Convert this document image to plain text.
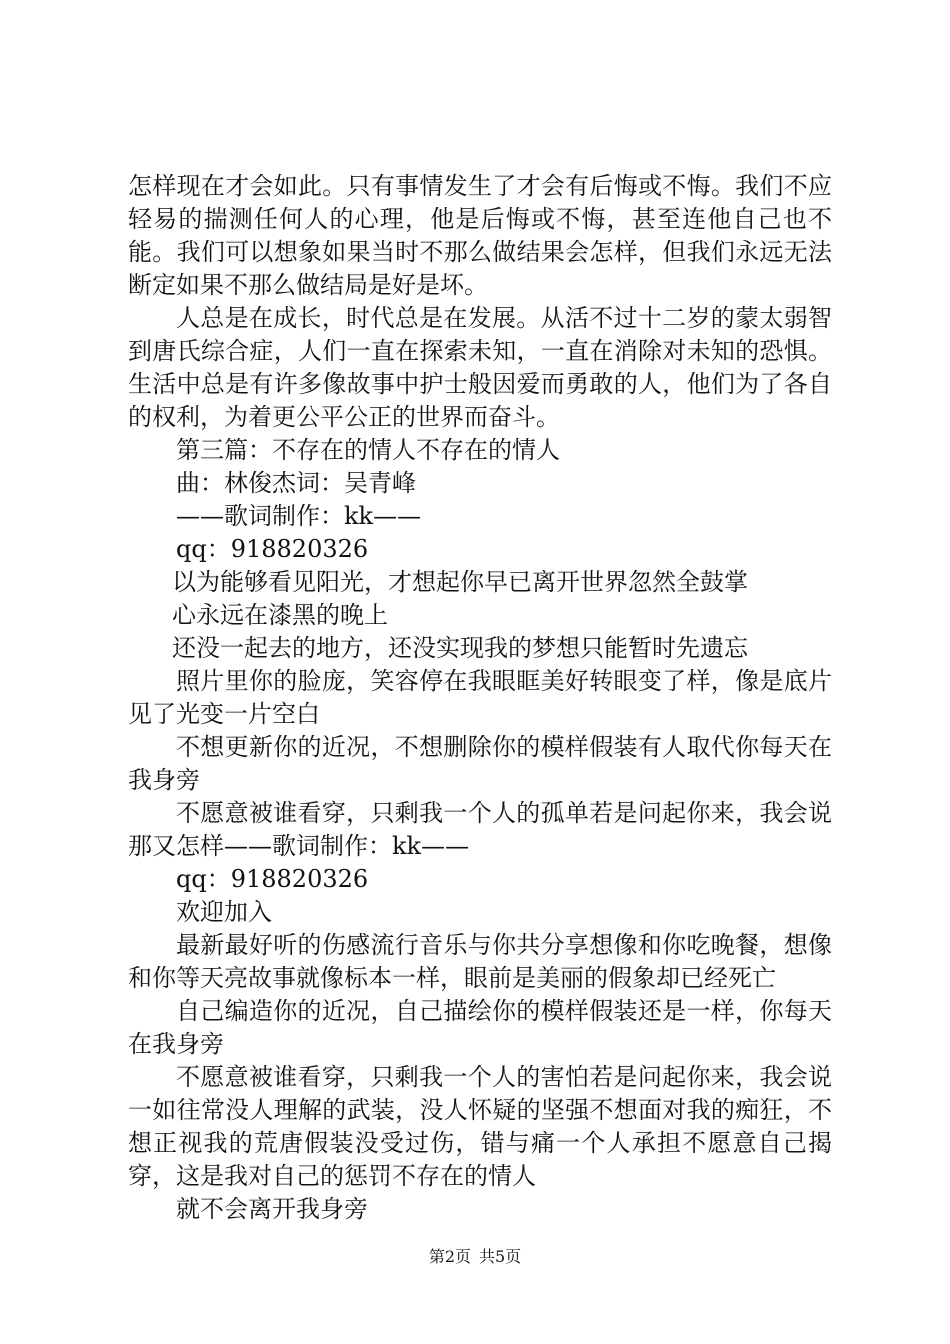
怎样现在才会如此。只有事情发生了才会有后悔或不悔。我们不应轻易的揣测任何人的心理，他是后悔或不悔，甚至连他自己也不能。我们可以想象如果当时不那么做结果会怎样，但我们永远无法断定如果不那么做结局是好是坏。

人总是在成长，时代总是在发展。从活不过十二岁的蒙太弱智到唐氏综合症，人们一直在探索未知，一直在消除对未知的恐惧。生活中总是有许多像故事中护士般因爱而勇敢的人，他们为了各自的权利，为着更公平公正的世界而奋斗。

第三篇：不存在的情人不存在的情人

曲：林俊杰词：吴青峰

——歌词制作：kk——

qq：918820326

以为能够看见阳光，才想起你早已离开世界忽然全鼓掌

心永远在漆黑的晚上

还没一起去的地方，还没实现我的梦想只能暂时先遗忘

照片里你的脸庞，笑容停在我眼眶美好转眼变了样，像是底片见了光变一片空白

不想更新你的近况，不想删除你的模样假装有人取代你每天在我身旁

不愿意被谁看穿，只剩我一个人的孤单若是问起你来，我会说那又怎样——歌词制作：kk——

qq：918820326

欢迎加入

最新最好听的伤感流行音乐与你共分享想像和你吃晚餐，想像和你等天亮故事就像标本一样，眼前是美丽的假象却已经死亡

自己编造你的近况，自己描绘你的模样假装还是一样，你每天在我身旁

不愿意被谁看穿，只剩我一个人的害怕若是问起你来，我会说一如往常没人理解的武装，没人怀疑的坚强不想面对我的痴狂，不想正视我的荒唐假装没受过伤，错与痛一个人承担不愿意自己揭穿，这是我对自己的惩罚不存在的情人

就不会离开我身旁

第2页 共5页
